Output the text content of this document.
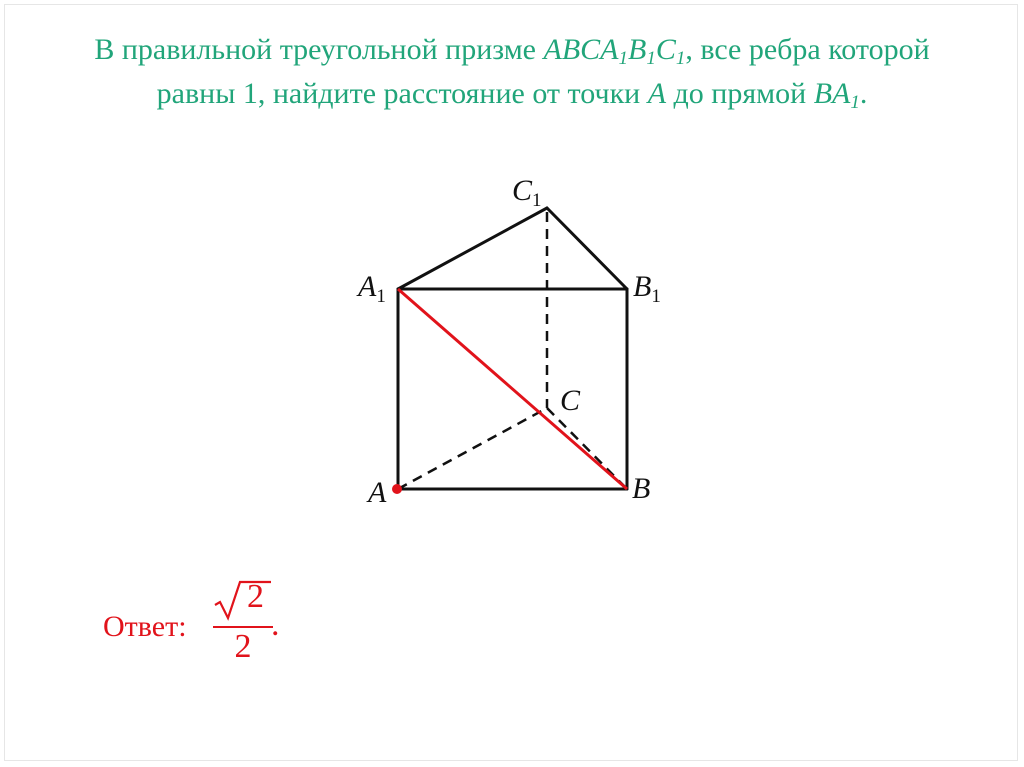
В правильной треугольной призме $ABCA_1B_1C_1$, все ребра которой
равны 1, найдите расстояние от точки A до прямой $BA_1$.
$C_1$
$A_1$	$B_1$
C
A	B
Ответ:
2
2
.
